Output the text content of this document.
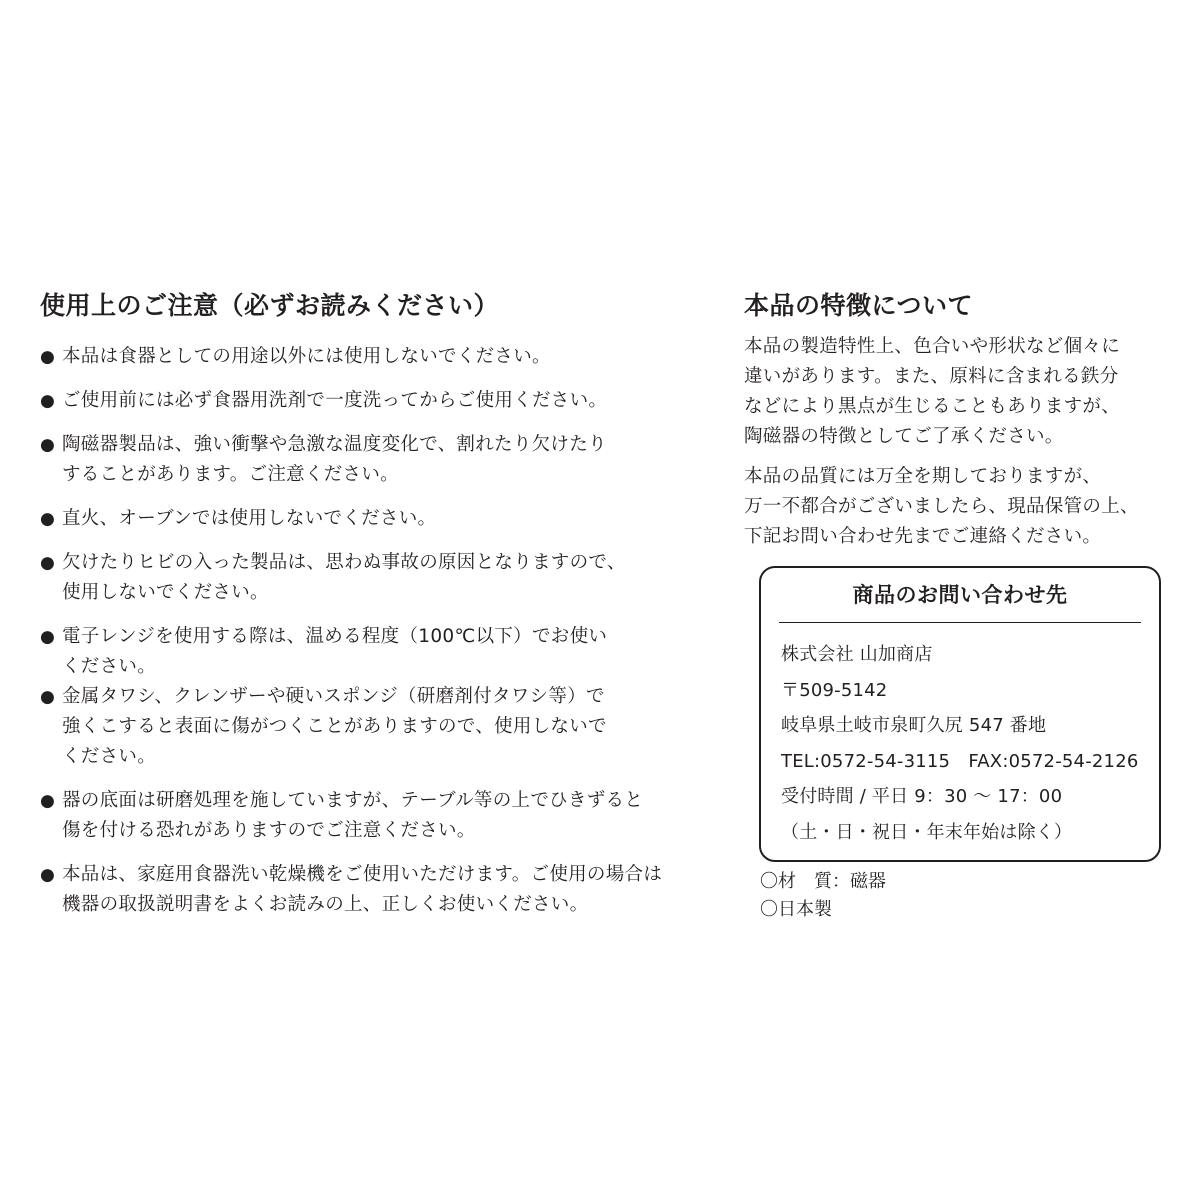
使用上のご注意（必ずお読みください）
● 本品は食器としての用途以外には使用しないでください。
● ご使用前には必ず食器用洗剤で一度洗ってからご使用ください。
● 陶磁器製品は、強い衝撃や急激な温度変化で、割れたり欠けたり
することがあります。ご注意ください。
● 直火、オーブンでは使用しないでください。
● 欠けたりヒビの入った製品は、思わぬ事故の原因となりますので、
使用しないでください。
● 電子レンジを使用する際は、温める程度（100℃以下）でお使い
ください。
● 金属タワシ、クレンザーや硬いスポンジ（研磨剤付タワシ等）で
強くこすると表面に傷がつくことがありますので、使用しないで
ください。
● 器の底面は研磨処理を施していますが、テーブル等の上でひきずると
傷を付ける恐れがありますのでご注意ください。
● 本品は、家庭用食器洗い乾燥機をご使用いただけます。ご使用の場合は
機器の取扱説明書をよくお読みの上、正しくお使いください。
本品の特徴について

本品の製造特性上、色合いや形状など個々に
違いがあります。また、原料に含まれる鉄分
などにより黒点が生じることもありますが、
陶磁器の特徴としてご了承ください。

本品の品質には万全を期しておりますが、
万一不都合がございましたら、現品保管の上、
下記お問い合わせ先までご連絡ください。

商品のお問い合わせ先
株式会社 山加商店
〒509-5142
岐阜県土岐市泉町久尻 547 番地
TEL:0572-54-3115　FAX:0572-54-2126
受付時間 / 平日 9：30 ～ 17：00
（土・日・祝日・年末年始は除く）
〇材　質：磁器
〇日本製
